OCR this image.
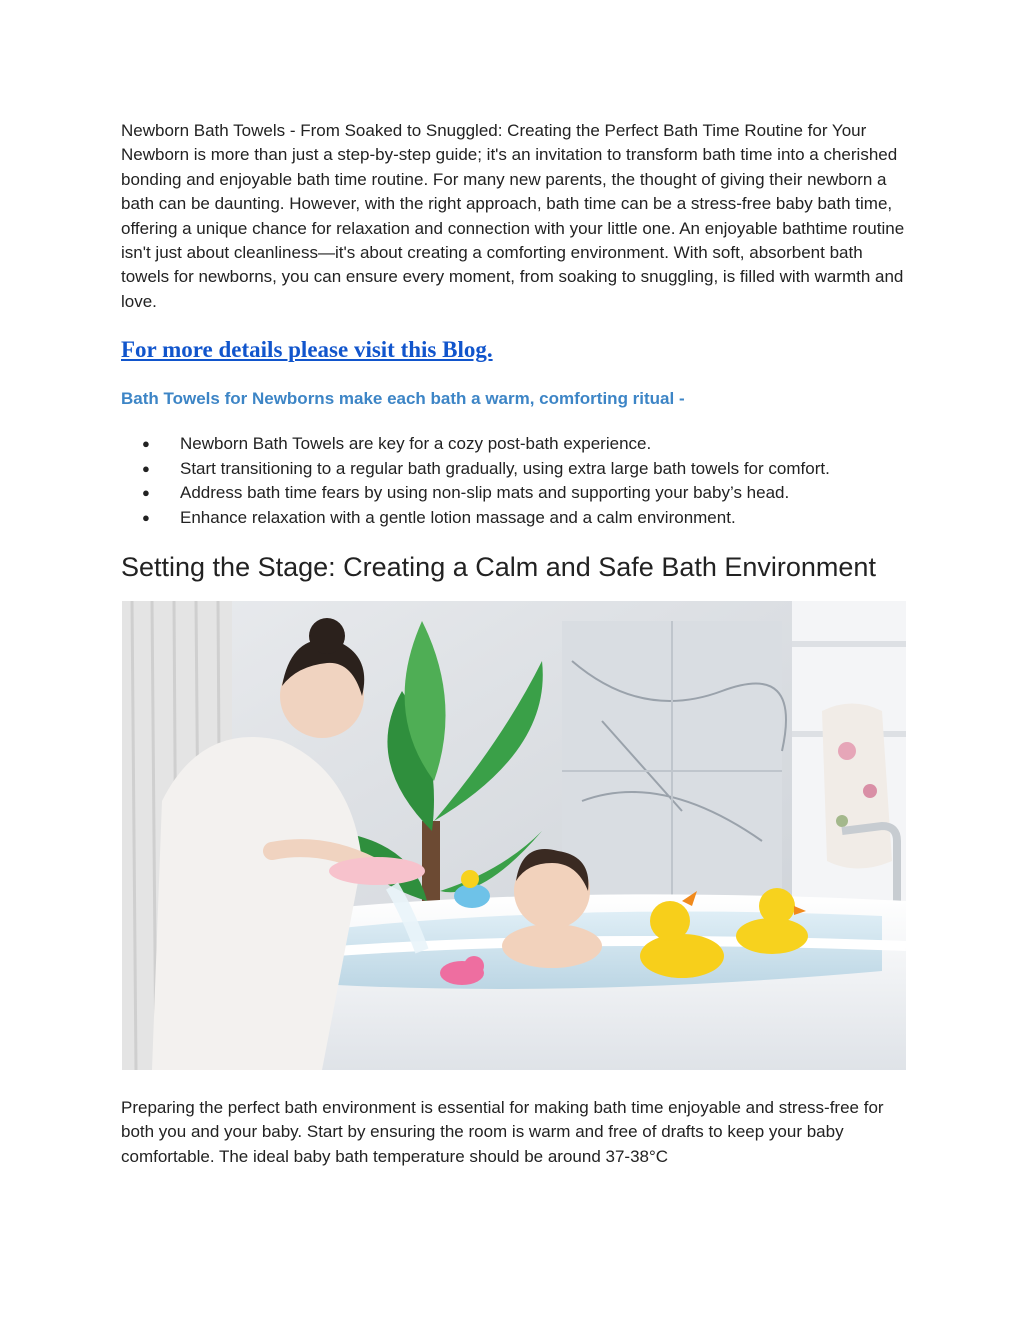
Newborn Bath Towels - From Soaked to Snuggled: Creating the Perfect Bath Time Routine for Your Newborn is more than just a step-by-step guide; it's an invitation to transform bath time into a cherished bonding and enjoyable bath time routine. For many new parents, the thought of giving their newborn a bath can be daunting. However, with the right approach, bath time can be a stress-free baby bath time, offering a unique chance for relaxation and connection with your little one. An enjoyable bathtime routine isn't just about cleanliness—it's about creating a comforting environment. With soft, absorbent bath towels for newborns, you can ensure every moment, from soaking to snuggling, is filled with warmth and love.

For more details please visit this Blog.

Bath Towels for Newborns make each bath a warm, comforting ritual -

● Newborn Bath Towels are key for a cozy post-bath experience.
● Start transitioning to a regular bath gradually, using extra large bath towels for comfort.
● Address bath time fears by using non-slip mats and supporting your baby’s head.
● Enhance relaxation with a gentle lotion massage and a calm environment.
Setting the Stage: Creating a Calm and Safe Bath Environment

Preparing the perfect bath environment is essential for making bath time enjoyable and stress-free for both you and your baby. Start by ensuring the room is warm and free of drafts to keep your baby comfortable. The ideal baby bath temperature should be around 37-38°C
